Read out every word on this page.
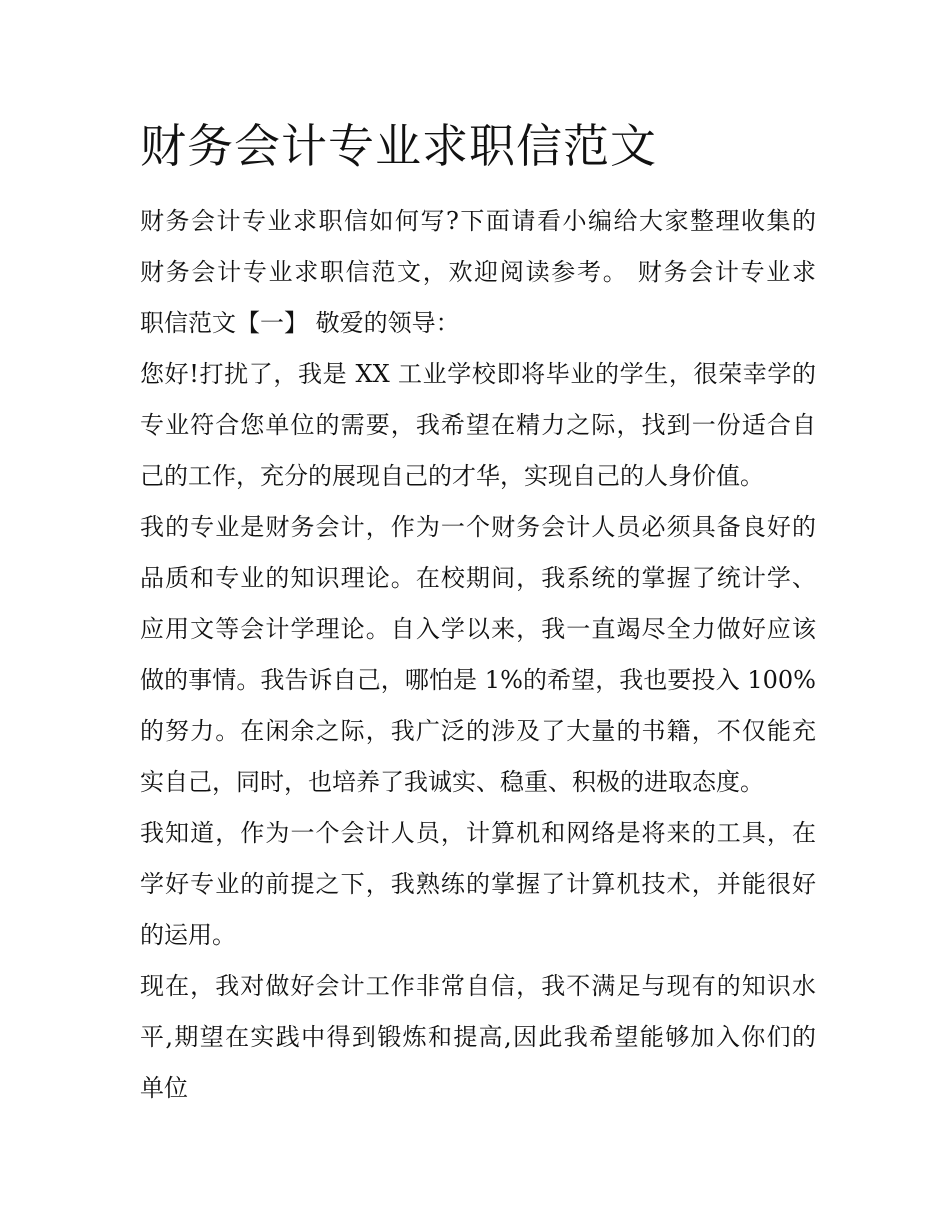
财务会计专业求职信范文

财务会计专业求职信如何写?下面请看小编给大家整理收集的
财务会计专业求职信范文，欢迎阅读参考。 财务会计专业求
职信范文【一】 敬爱的领导：

您好!打扰了，我是 XX 工业学校即将毕业的学生，很荣幸学的
专业符合您单位的需要，我希望在精力之际，找到一份适合自
己的工作，充分的展现自己的才华，实现自己的人身价值。

我的专业是财务会计，作为一个财务会计人员必须具备良好的
品质和专业的知识理论。在校期间，我系统的掌握了统计学、
应用文等会计学理论。自入学以来，我一直竭尽全力做好应该
做的事情。我告诉自己，哪怕是 1%的希望，我也要投入 100%
的努力。在闲余之际，我广泛的涉及了大量的书籍，不仅能充
实自己，同时，也培养了我诚实、稳重、积极的进取态度。

我知道，作为一个会计人员，计算机和网络是将来的工具，在
学好专业的前提之下，我熟练的掌握了计算机技术，并能很好
的运用。

现在，我对做好会计工作非常自信，我不满足与现有的知识水
平,期望在实践中得到锻炼和提高,因此我希望能够加入你们的
单位
